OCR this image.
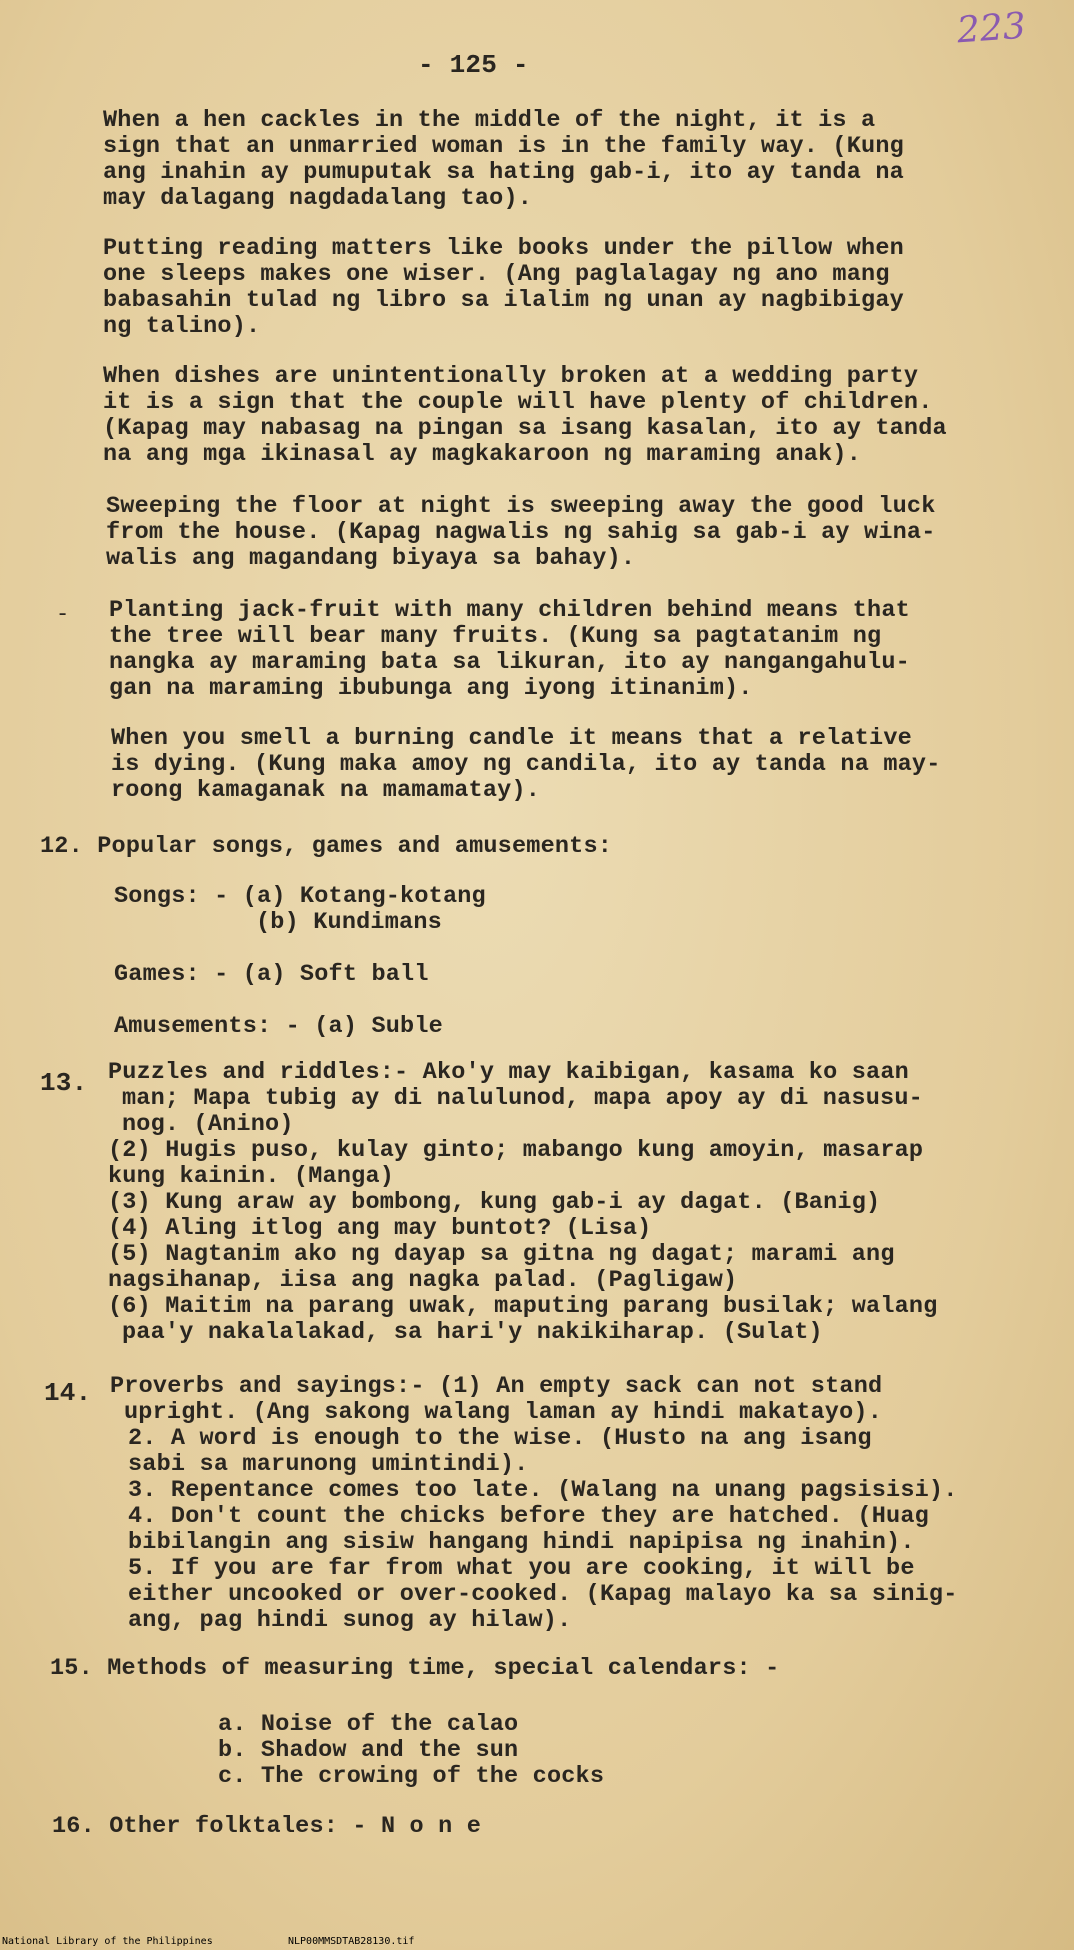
223
- 125 -
When a hen cackles in the middle of the night, it is a
sign that an unmarried woman is in the family way. (Kung
ang inahin ay pumuputak sa hating gab-i, ito ay tanda na
may dalagang nagdadalang tao).
Putting reading matters like books under the pillow when
one sleeps makes one wiser. (Ang paglalagay ng ano mang
babasahin tulad ng libro sa ilalim ng unan ay nagbibigay
ng talino).
When dishes are unintentionally broken at a wedding party
it is a sign that the couple will have plenty of children.
(Kapag may nabasag na pingan sa isang kasalan, ito ay tanda
na ang mga ikinasal ay magkakaroon ng maraming anak).
Sweeping the floor at night is sweeping away the good luck
from the house. (Kapag nagwalis ng sahig sa gab-i ay wina-
walis ang magandang biyaya sa bahay).
- Planting jack-fruit with many children behind means that
the tree will bear many fruits. (Kung sa pagtatanim ng
nangka ay maraming bata sa likuran, ito ay nangangahulu-
gan na maraming ibubunga ang iyong itinanim).
When you smell a burning candle it means that a relative
is dying. (Kung maka amoy ng candila, ito ay tanda na may-
roong kamaganak na mamamatay).
12. Popular songs, games and amusements:
Songs: - (a) Kotang-kotang
(b) Kundimans
Games: - (a) Soft ball
Amusements: - (a) Suble
13. Puzzles and riddles:- Ako'y may kaibigan, kasama ko saan
man; Mapa tubig ay di nalulunod, mapa apoy ay di nasusu-
nog. (Anino)
(2) Hugis puso, kulay ginto; mabango kung amoyin, masarap
kung kainin. (Manga)
(3) Kung araw ay bombong, kung gab-i ay dagat. (Banig)
(4) Aling itlog ang may buntot? (Lisa)
(5) Nagtanim ako ng dayap sa gitna ng dagat; marami ang
nagsihanap, iisa ang nagka palad. (Pagligaw)
(6) Maitim na parang uwak, maputing parang busilak; walang
paa'y nakalalakad, sa hari'y nakikiharap. (Sulat)
14. Proverbs and sayings:- (1) An empty sack can not stand
upright. (Ang sakong walang laman ay hindi makatayo).
2. A word is enough to the wise. (Husto na ang isang
sabi sa marunong umintindi).
3. Repentance comes too late. (Walang na unang pagsisisi).
4. Don't count the chicks before they are hatched. (Huag
bibilangin ang sisiw hangang hindi napipisa ng inahin).
5. If you are far from what you are cooking, it will be
either uncooked or over-cooked. (Kapag malayo ka sa sinig-
ang, pag hindi sunog ay hilaw).
15. Methods of measuring time, special calendars: -
a. Noise of the calao
b. Shadow and the sun
c. The crowing of the cocks
16. Other folktales: - N o n e
National Library of the Philippines	NLP00MMSDTAB28130.tif
